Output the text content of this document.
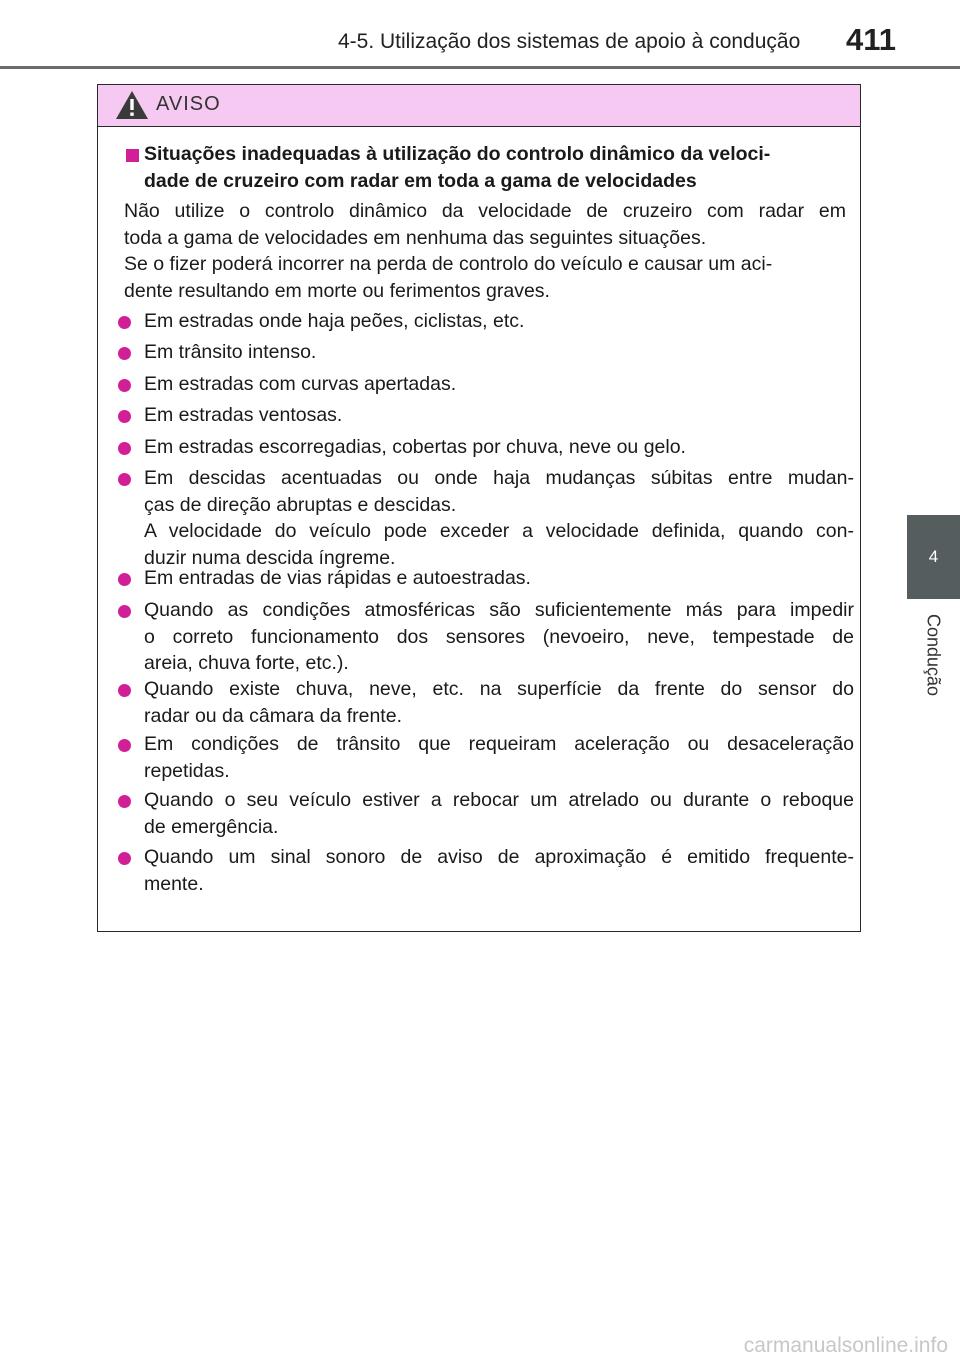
4-5. Utilização dos sistemas de apoio à condução 411
4
Condução
AVISO
Situações inadequadas à utilização do controlo dinâmico da veloci-
dade de cruzeiro com radar em toda a gama de velocidades
Não utilize o controlo dinâmico da velocidade de cruzeiro com radar em
toda a gama de velocidades em nenhuma das seguintes situações.
Se o fizer poderá incorrer na perda de controlo do veículo e causar um aci-
dente resultando em morte ou ferimentos graves.
Em estradas onde haja peões, ciclistas, etc.
Em trânsito intenso.
Em estradas com curvas apertadas.
Em estradas ventosas.
Em estradas escorregadias, cobertas por chuva, neve ou gelo.
Em descidas acentuadas ou onde haja mudanças súbitas entre mudan-
ças de direção abruptas e descidas.
A velocidade do veículo pode exceder a velocidade definida, quando con-
duzir numa descida íngreme.
Em entradas de vias rápidas e autoestradas.
Quando as condições atmosféricas são suficientemente más para impedir
o correto funcionamento dos sensores (nevoeiro, neve, tempestade de
areia, chuva forte, etc.).
Quando existe chuva, neve, etc. na superfície da frente do sensor do
radar ou da câmara da frente.
Em condições de trânsito que requeiram aceleração ou desaceleração
repetidas.
Quando o seu veículo estiver a rebocar um atrelado ou durante o reboque
de emergência.
Quando um sinal sonoro de aviso de aproximação é emitido frequente-
mente.
carmanualsonline.info
